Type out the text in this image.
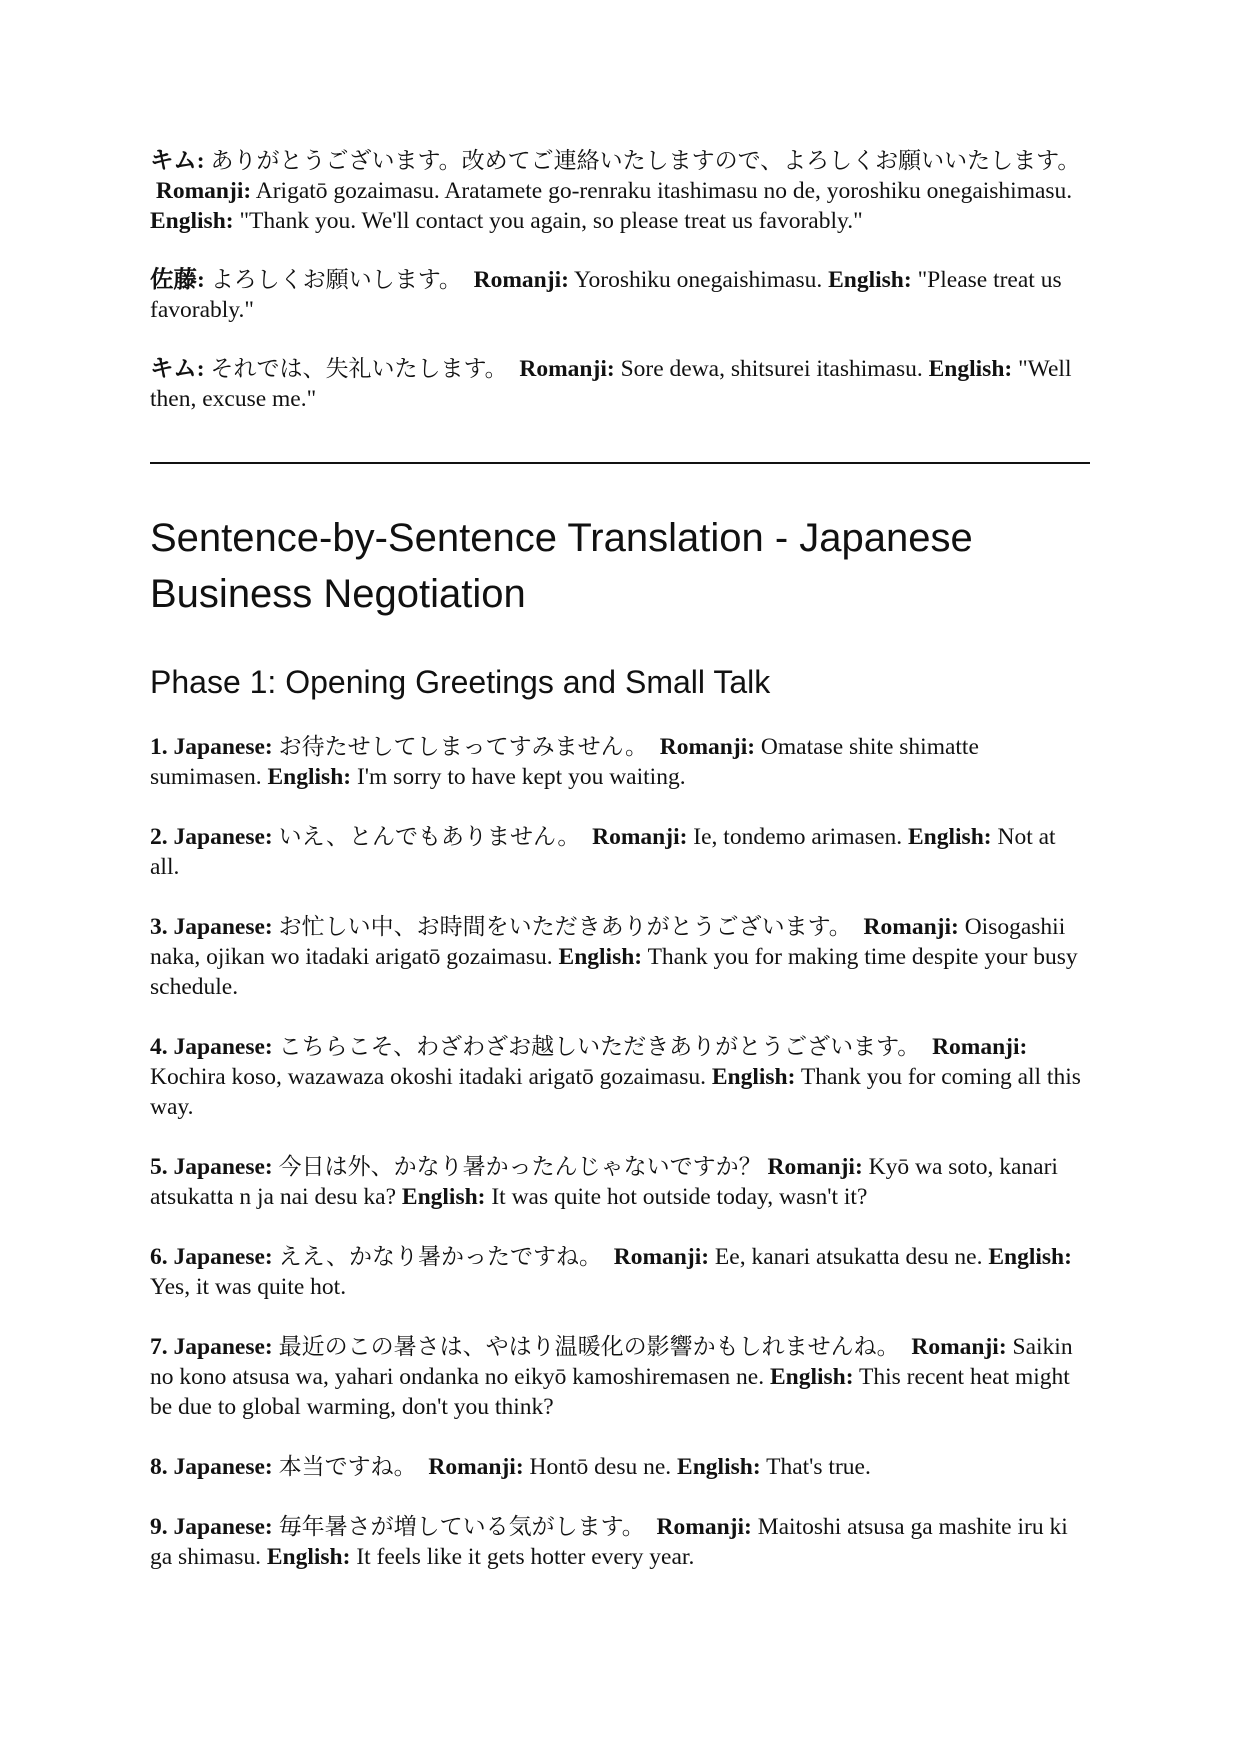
キム: ありがとうございます。改めてご連絡いたしますので、よろしくお願いいたします。  Romanji: Arigatō gozaimasu. Aratamete go-renraku itashimasu no de, yoroshiku onegaishimasu. English: "Thank you. We'll contact you again, so please treat us favorably."

佐藤: よろしくお願いします。 Romanji: Yoroshiku onegaishimasu. English: "Please treat us favorably."

キム: それでは、失礼いたします。 Romanji: Sore dewa, shitsurei itashimasu. English: "Well then, excuse me."

Sentence-by-Sentence Translation - Japanese Business Negotiation
Phase 1: Opening Greetings and Small Talk

1. Japanese: お待たせしてしまってすみません。 Romanji: Omatase shite shimatte sumimasen. English: I'm sorry to have kept you waiting.

2. Japanese: いえ、とんでもありません。 Romanji: Ie, tondemo arimasen. English: Not at all.

3. Japanese: お忙しい中、お時間をいただきありがとうございます。 Romanji: Oisogashii naka, ojikan wo itadaki arigatō gozaimasu. English: Thank you for making time despite your busy schedule.

4. Japanese: こちらこそ、わざわざお越しいただきありがとうございます。 Romanji: Kochira koso, wazawaza okoshi itadaki arigatō gozaimasu. English: Thank you for coming all this way.

5. Japanese: 今日は外、かなり暑かったんじゃないですか？ Romanji: Kyō wa soto, kanari atsukatta n ja nai desu ka? English: It was quite hot outside today, wasn't it?

6. Japanese: ええ、かなり暑かったですね。 Romanji: Ee, kanari atsukatta desu ne. English: Yes, it was quite hot.

7. Japanese: 最近のこの暑さは、やはり温暖化の影響かもしれませんね。 Romanji: Saikin no kono atsusa wa, yahari ondanka no eikyō kamoshiremasen ne. English: This recent heat might be due to global warming, don't you think?

8. Japanese: 本当ですね。 Romanji: Hontō desu ne. English: That's true.

9. Japanese: 毎年暑さが増している気がします。 Romanji: Maitoshi atsusa ga mashite iru ki ga shimasu. English: It feels like it gets hotter every year.
